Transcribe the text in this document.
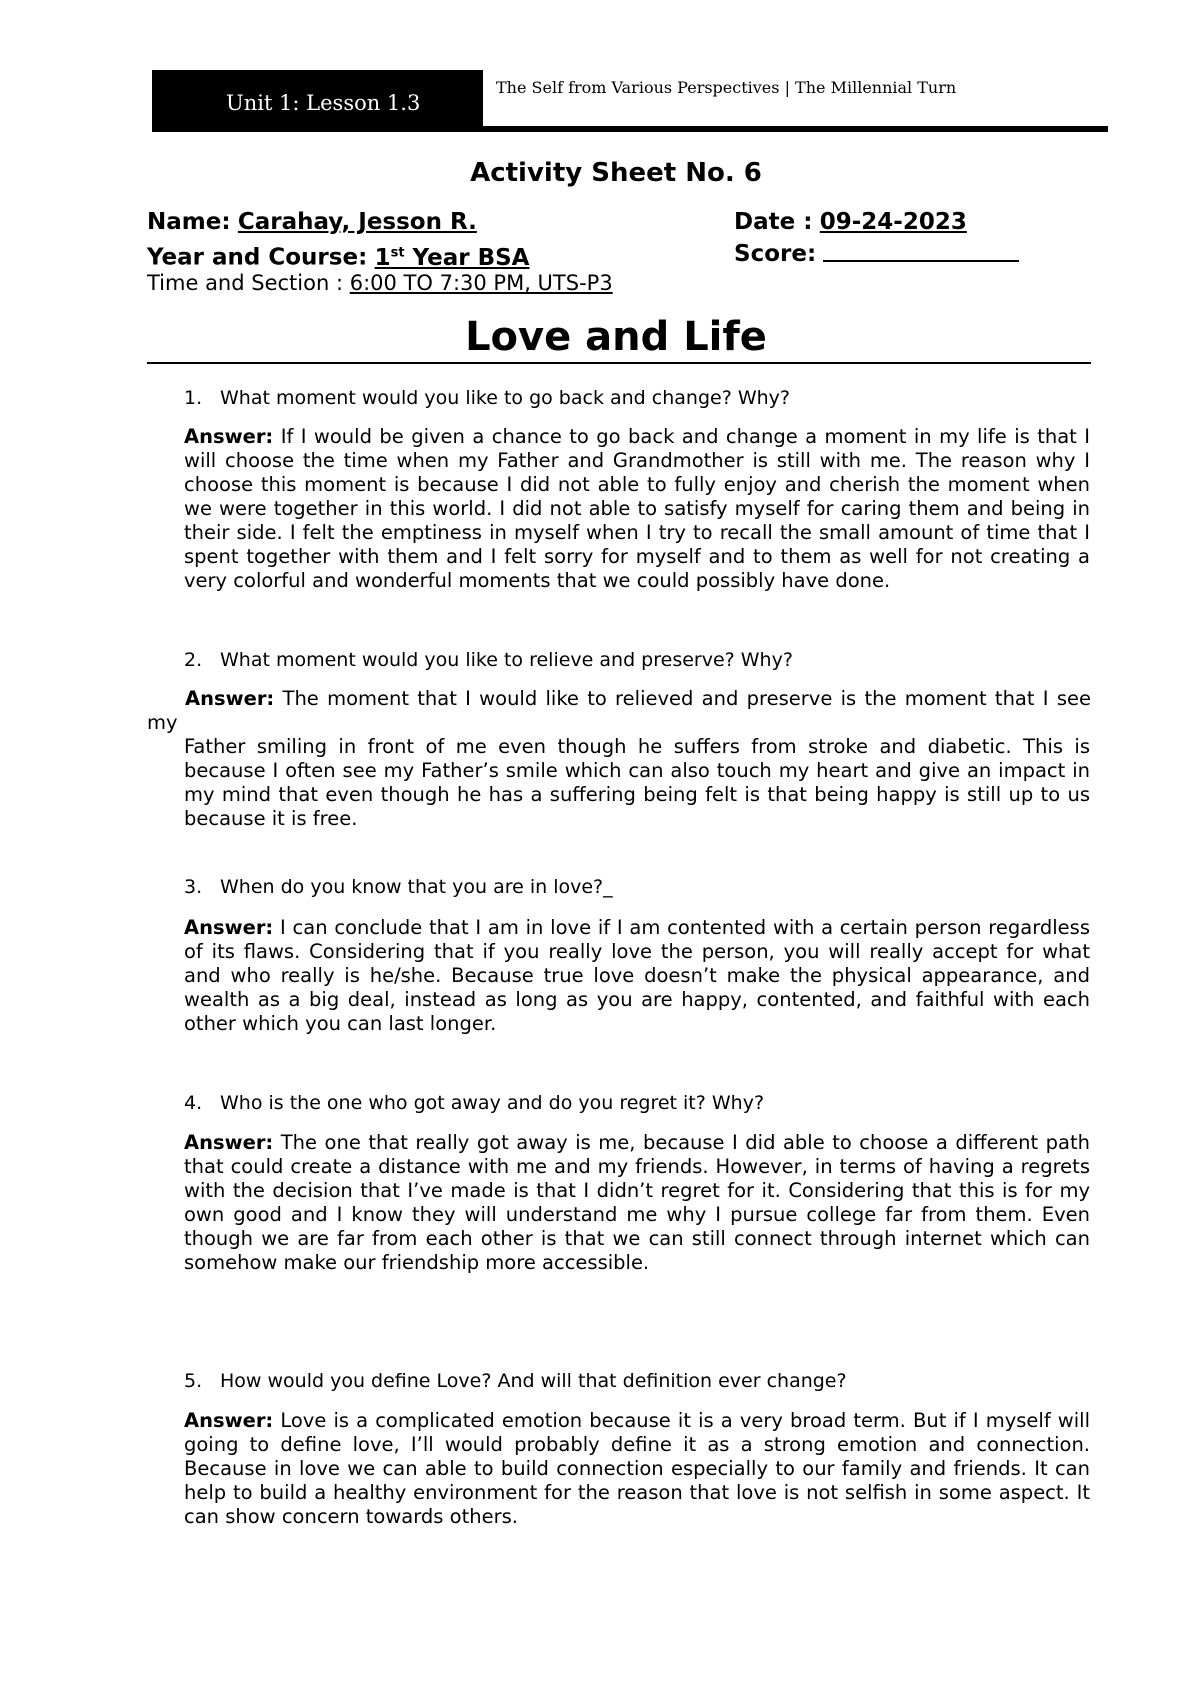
Unit 1: Lesson 1.3
The Self from Various Perspectives | The Millennial Turn
Activity Sheet No. 6
Name: Carahay, Jesson R.	Date : 09-24-2023
Year and Course: 1st Year BSA	Score:
Time and Section : 6:00 TO 7:30 PM, UTS-P3
Love and Life
1. What moment would you like to go back and change? Why?
Answer: If I would be given a chance to go back and change a moment in my life is that I will choose the time when my Father and Grandmother is still with me. The reason why I choose this moment is because I did not able to fully enjoy and cherish the moment when we were together in this world. I did not able to satisfy myself for caring them and being in their side. I felt the emptiness in myself when I try to recall the small amount of time that I spent together with them and I felt sorry for myself and to them as well for not creating a very colorful and wonderful moments that we could possibly have done.
2. What moment would you like to relieve and preserve? Why?
Answer: The moment that I would like to relieved and preserve is the moment that I see my
Father smiling in front of me even though he suffers from stroke and diabetic. This is because I often see my Father’s smile which can also touch my heart and give an impact in my mind that even though he has a suffering being felt is that being happy is still up to us because it is free.
3. When do you know that you are in love?_
Answer: I can conclude that I am in love if I am contented with a certain person regardless of its flaws. Considering that if you really love the person, you will really accept for what and who really is he/she. Because true love doesn’t make the physical appearance, and wealth as a big deal, instead as long as you are happy, contented, and faithful with each other which you can last longer.
4. Who is the one who got away and do you regret it? Why?
Answer: The one that really got away is me, because I did able to choose a different path that could create a distance with me and my friends. However, in terms of having a regrets with the decision that I’ve made is that I didn’t regret for it. Considering that this is for my own good and I know they will understand me why I pursue college far from them. Even though we are far from each other is that we can still connect through internet which can somehow make our friendship more accessible.
5. How would you define Love? And will that definition ever change?
Answer: Love is a complicated emotion because it is a very broad term. But if I myself will going to define love, I’ll would probably define it as a strong emotion and connection. Because in love we can able to build connection especially to our family and friends. It can help to build a healthy environment for the reason that love is not selfish in some aspect. It can show concern towards others.
